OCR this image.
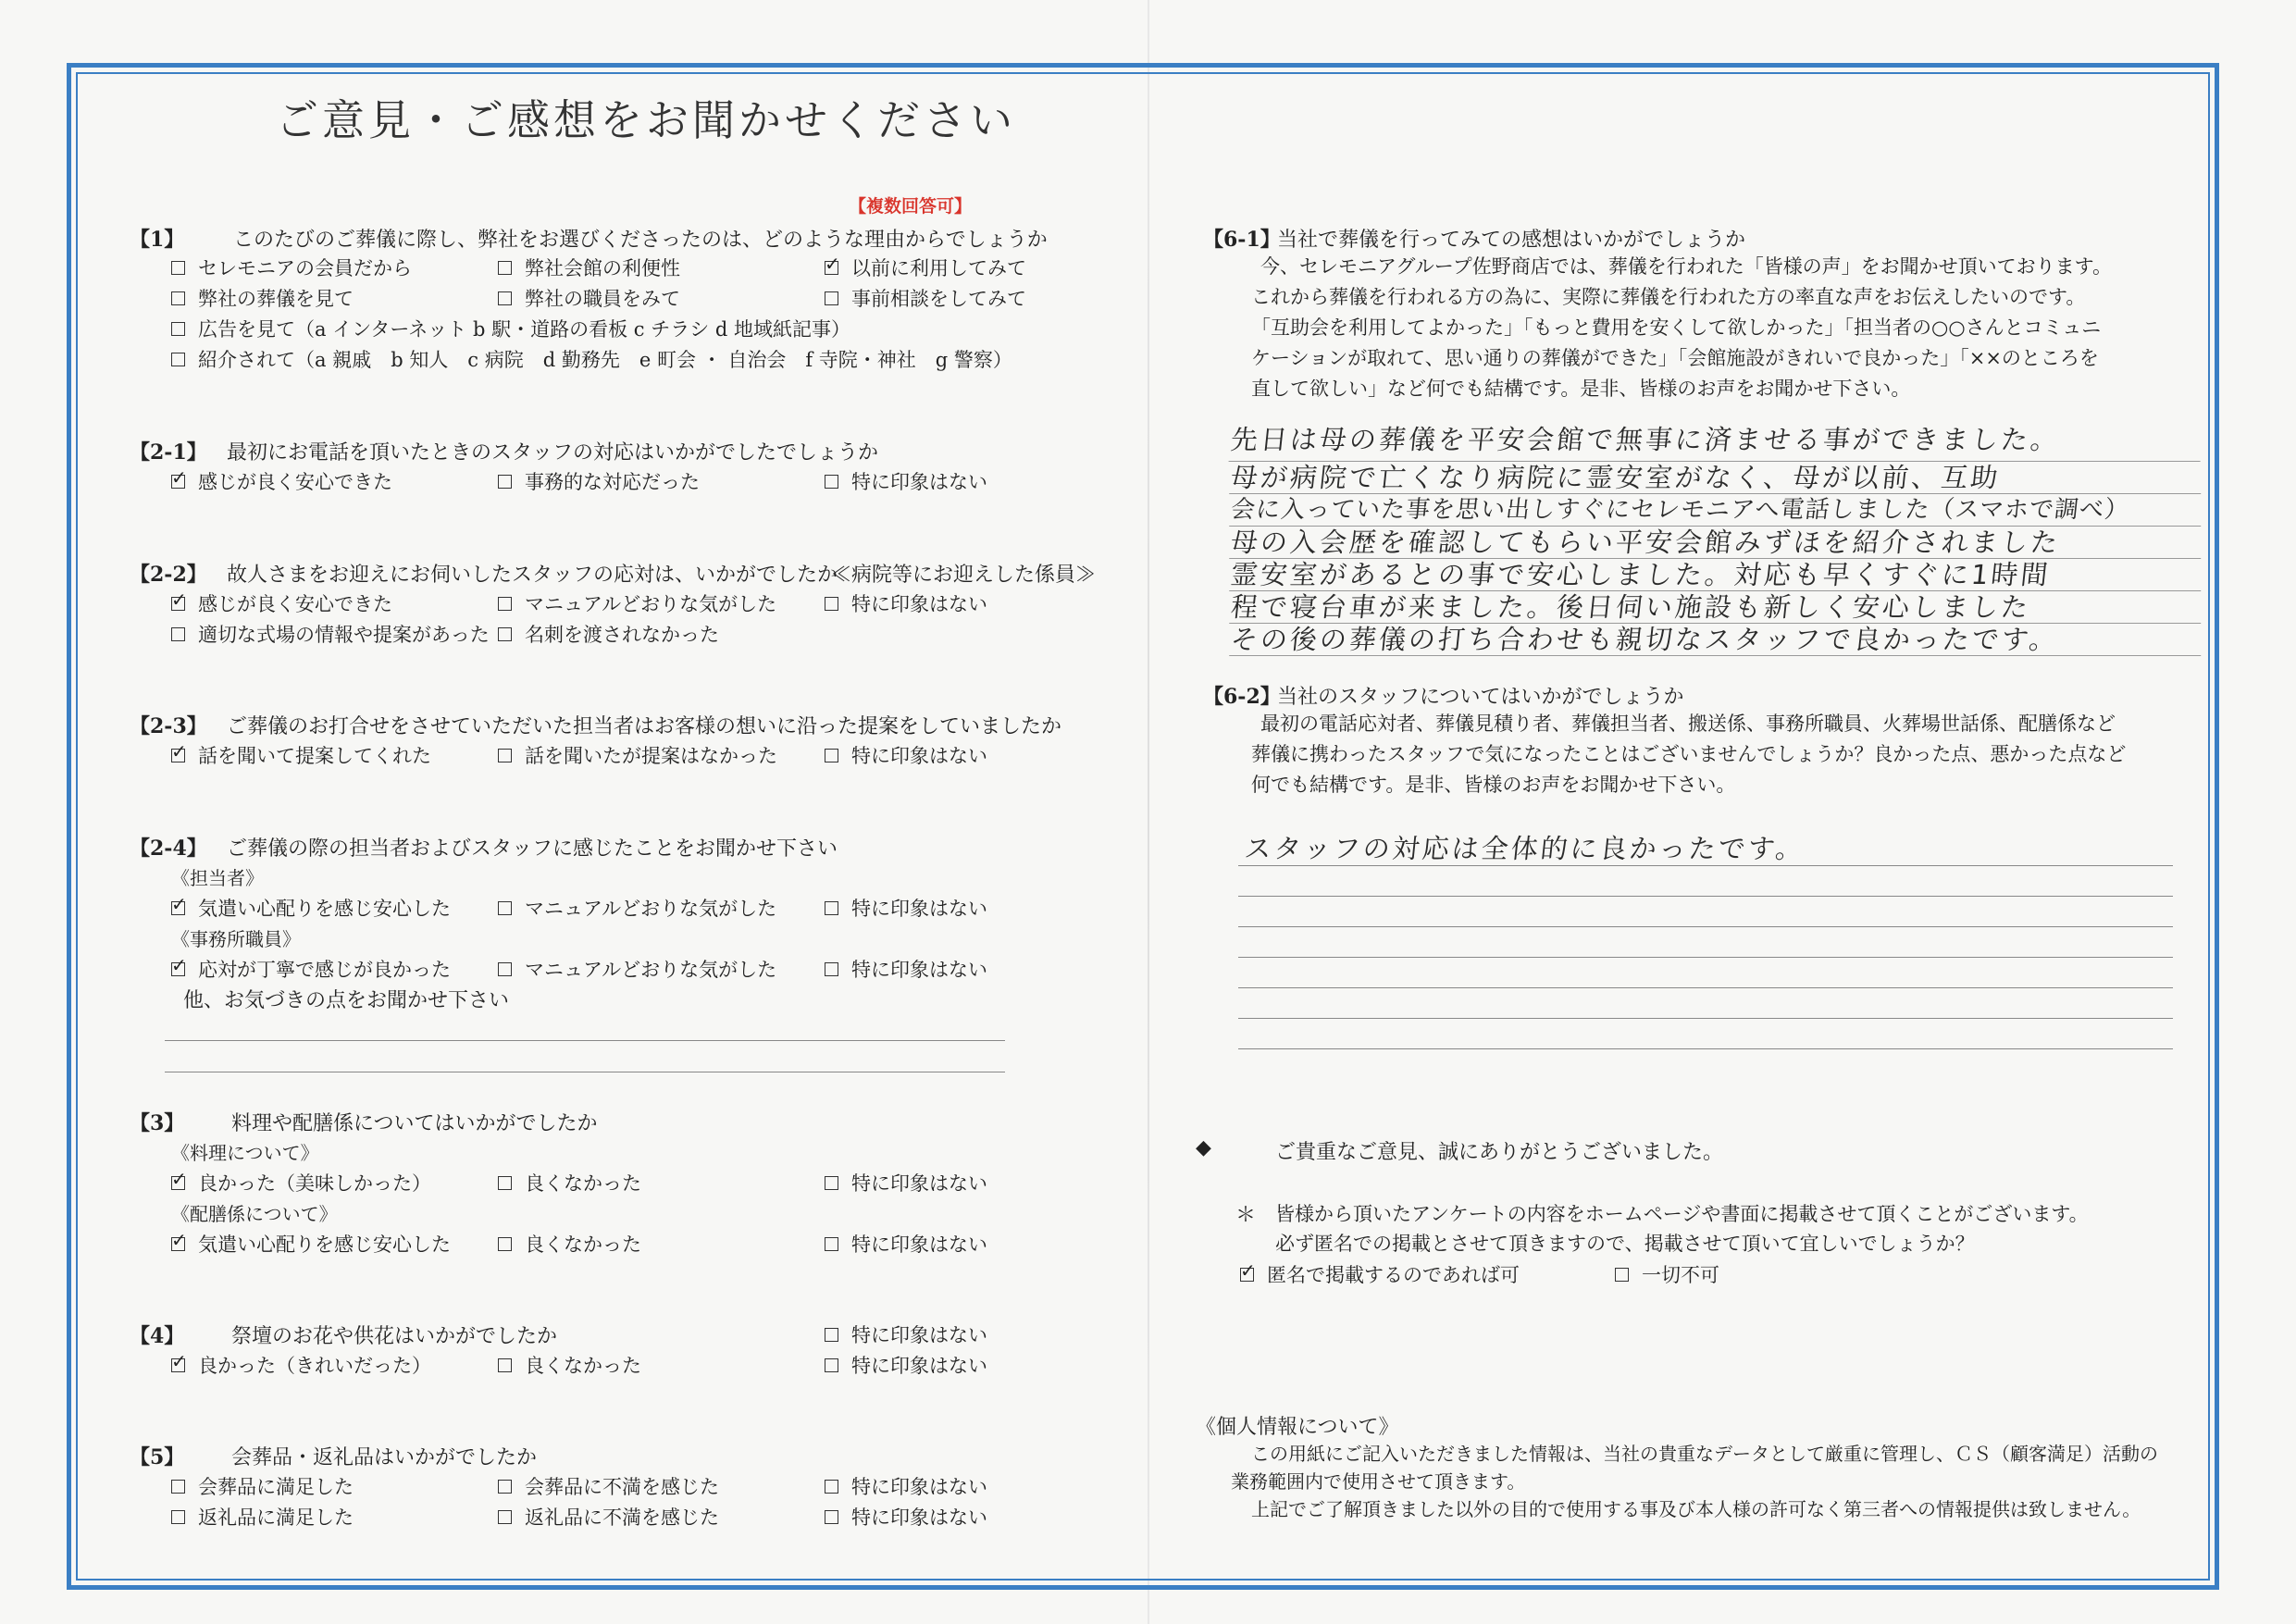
ご意見・ご感想をお聞かせください
【複数回答可】
【1】 このたびのご葬儀に際し、弊社をお選びくださったのは、どのような理由からでしょうか
セレモニアの会員だから	弊社会館の利便性
✓	以前に利用してみて
弊社の葬儀を見て	弊社の職員をみて	事前相談をしてみて
広告を見て（a インターネット b 駅・道路の看板 c チラシ d 地域紙記事）
紹介されて（a 親戚　b 知人　c 病院　d 勤務先　e 町会 ・ 自治会　f 寺院・神社　g 警察）
【2-1】 最初にお電話を頂いたときのスタッフの対応はいかがでしたでしょうか
✓
感じが良く安心できた	事務的な対応だった	特に印象はない
【2-2】 故人さまをお迎えにお伺いしたスタッフの応対は、いかがでしたか
≪病院等にお迎えした係員≫
✓
感じが良く安心できた	マニュアルどおりな気がした	特に印象はない
適切な式場の情報や提案があった 名刺を渡されなかった
【2-3】 ご葬儀のお打合せをさせていただいた担当者はお客様の想いに沿った提案をしていましたか
✓
話を聞いて提案してくれた	話を聞いたが提案はなかった	特に印象はない
【2-4】 ご葬儀の際の担当者およびスタッフに感じたことをお聞かせ下さい
《担当者》
✓
気遣い心配りを感じ安心した	マニュアルどおりな気がした	特に印象はない
《事務所職員》
✓
応対が丁寧で感じが良かった	マニュアルどおりな気がした	特に印象はない
他、お気づきの点をお聞かせ下さい
【3】 料理や配膳係についてはいかがでしたか
《料理について》
✓
良かった（美味しかった）	良くなかった	特に印象はない
《配膳係について》
✓
気遣い心配りを感じ安心した	良くなかった	特に印象はない
【4】 祭壇のお花や供花はいかがでしたか	特に印象はない
✓
良かった（きれいだった）	良くなかった	特に印象はない
【5】 会葬品・返礼品はいかがでしたか
会葬品に満足した	会葬品に不満を感じた	特に印象はない
返礼品に満足した	返礼品に不満を感じた	特に印象はない
【6-1】
当社で葬儀を行ってみての感想はいかがでしょうか
今、セレモニアグループ佐野商店では、葬儀を行われた「皆様の声」をお聞かせ頂いております。
これから葬儀を行われる方の為に、実際に葬儀を行われた方の率直な声をお伝えしたいのです。
「互助会を利用してよかった」「もっと費用を安くして欲しかった」「担当者の○○さんとコミュニ
ケーションが取れて、思い通りの葬儀ができた」「会館施設がきれいで良かった」「××のところを
直して欲しい」など何でも結構です。是非、皆様のお声をお聞かせ下さい。
先日は母の葬儀を平安会館で無事に済ませる事ができました。
母が病院で亡くなり病院に霊安室がなく、母が以前、互助
会に入っていた事を思い出しすぐにセレモニアへ電話しました（スマホで調べ）
母の入会歴を確認してもらい平安会館みずほを紹介されました
霊安室があるとの事で安心しました。対応も早くすぐに1時間
程で寝台車が来ました。後日伺い施設も新しく安心しました
その後の葬儀の打ち合わせも親切なスタッフで良かったです。
【6-2】
当社のスタッフについてはいかがでしょうか
最初の電話応対者、葬儀見積り者、葬儀担当者、搬送係、事務所職員、火葬場世話係、配膳係など
葬儀に携わったスタッフで気になったことはございませんでしょうか？良かった点、悪かった点など
何でも結構です。是非、皆様のお声をお聞かせ下さい。
スタッフの対応は全体的に良かったです。
◆	ご貴重なご意見、誠にありがとうございました。
＊ 皆様から頂いたアンケートの内容をホームページや書面に掲載させて頂くことがございます。
必ず匿名での掲載とさせて頂きますので、掲載させて頂いて宜しいでしょうか？
✓
匿名で掲載するのであれば可	一切不可
《個人情報について》
この用紙にご記入いただきました情報は、当社の貴重なデータとして厳重に管理し、ＣＳ（顧客満足）活動の
業務範囲内で使用させて頂きます。
上記でご了解頂きました以外の目的で使用する事及び本人様の許可なく第三者への情報提供は致しません。
